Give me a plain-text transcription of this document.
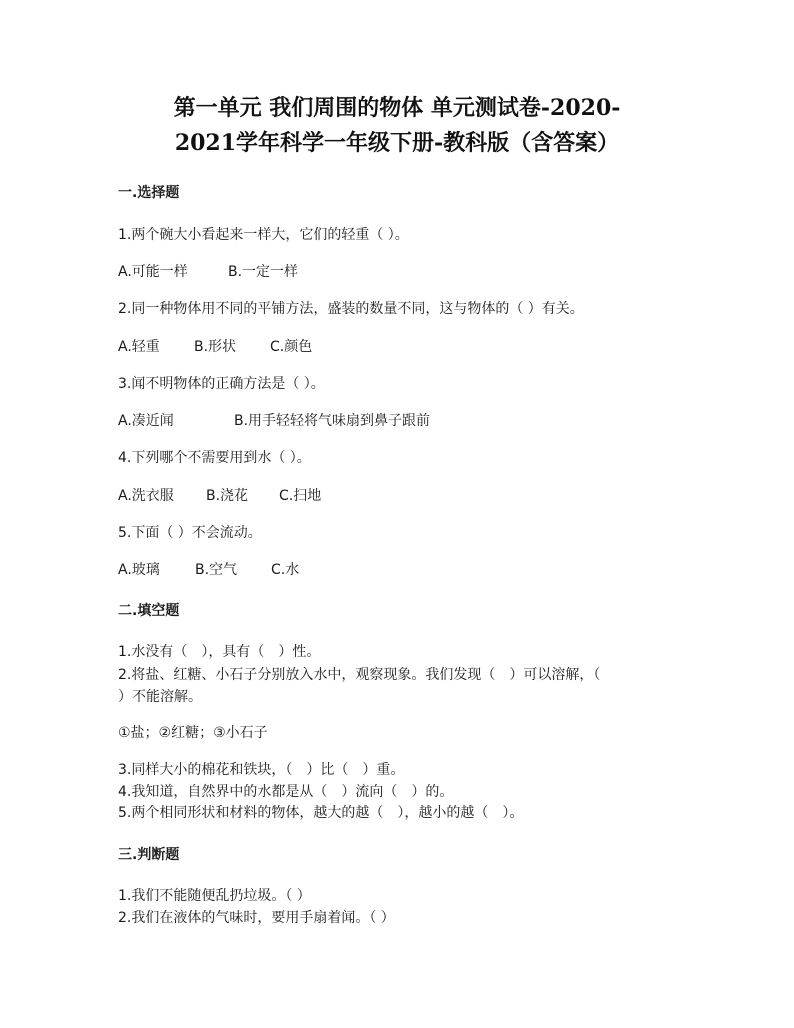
第一单元 我们周围的物体 单元测试卷-2020-
2021学年科学一年级下册-教科版（含答案）
一.选择题
1.两个碗大小看起来一样大，它们的轻重（ ）。
A.可能一样	B.一定一样
2.同一种物体用不同的平铺方法，盛装的数量不同，这与物体的（ ）有关。
A.轻重 B.形状 C.颜色
3.闻不明物体的正确方法是（ ）。
A.凑近闻	B.用手轻轻将气味扇到鼻子跟前
4.下列哪个不需要用到水（ ）。
A.洗衣服 B.浇花 C.扫地
5.下面（ ）不会流动。
A.玻璃	B.空气 C.水
二.填空题
1.水没有（　），具有（　）性。
2.将盐、红糖、小石子分别放入水中，观察现象。我们发现（　）可以溶解，（
）不能溶解。
①盐；②红糖；③小石子
3.同样大小的棉花和铁块，（　）比（　）重。
4.我知道，自然界中的水都是从（　）流向（　）的。
5.两个相同形状和材料的物体，越大的越（　），越小的越（　）。
三.判断题
1.我们不能随便乱扔垃圾。（ ）
2.我们在液体的气味时，要用手扇着闻。（ ）
